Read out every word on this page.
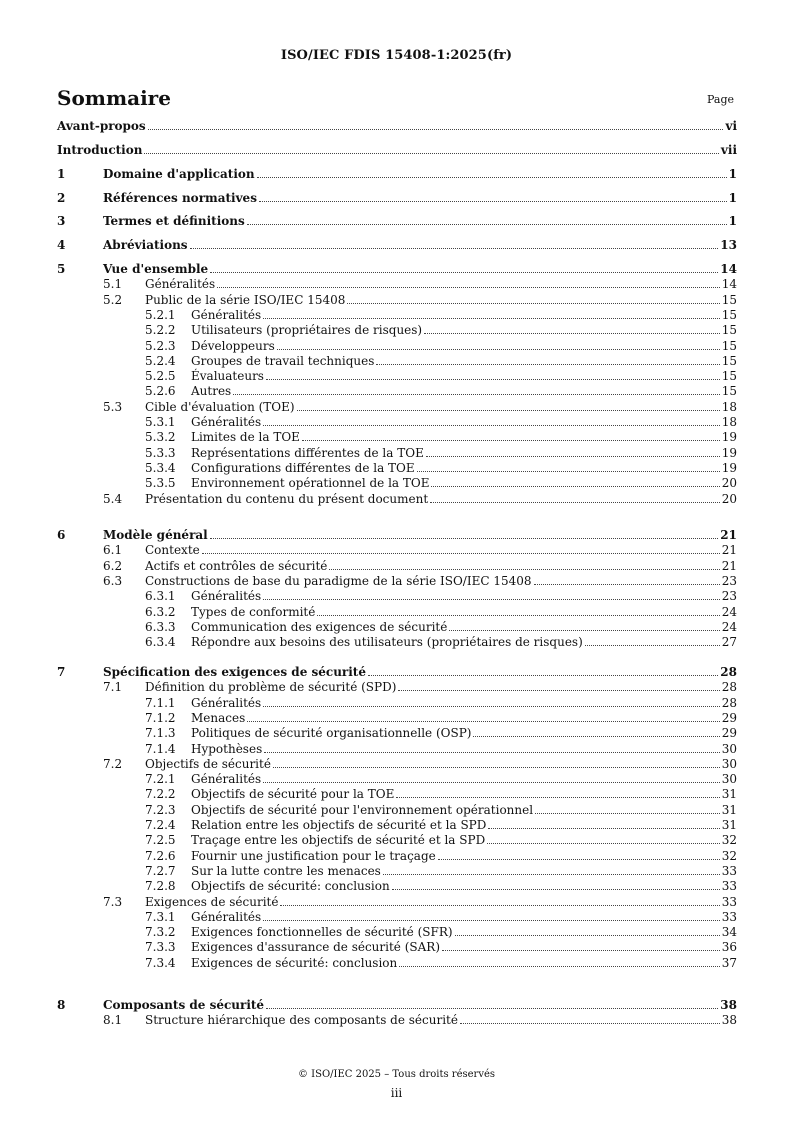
ISO/IEC FDIS 15408-1:2025(fr)
Sommaire	Page
Avant-propos	vi
Introduction	vii
1	Domaine d'application	1
2	Références normatives	1
3	Termes et définitions	1
4	Abréviations	13
5	Vue d'ensemble	14
5.1	Généralités	14
5.2	Public de la série ISO/IEC 15408	15
5.2.1	Généralités	15
5.2.2	Utilisateurs (propriétaires de risques)	15
5.2.3	Développeurs	15
5.2.4	Groupes de travail techniques	15
5.2.5	Évaluateurs	15
5.2.6	Autres	15
5.3	Cible d'évaluation (TOE)	18
5.3.1	Généralités	18
5.3.2	Limites de la TOE	19
5.3.3	Représentations différentes de la TOE	19
5.3.4	Configurations différentes de la TOE	19
5.3.5	Environnement opérationnel de la TOE	20
5.4	Présentation du contenu du présent document	20
6	Modèle général	21
6.1	Contexte	21
6.2	Actifs et contrôles de sécurité	21
6.3	Constructions de base du paradigme de la série ISO/IEC 15408	23
6.3.1	Généralités	23
6.3.2	Types de conformité	24
6.3.3	Communication des exigences de sécurité	24
6.3.4	Répondre aux besoins des utilisateurs (propriétaires de risques)	27
7	Spécification des exigences de sécurité	28
7.1	Définition du problème de sécurité (SPD)	28
7.1.1	Généralités	28
7.1.2	Menaces	29
7.1.3	Politiques de sécurité organisationnelle (OSP)	29
7.1.4	Hypothèses	30
7.2	Objectifs de sécurité	30
7.2.1	Généralités	30
7.2.2	Objectifs de sécurité pour la TOE	31
7.2.3	Objectifs de sécurité pour l'environnement opérationnel	31
7.2.4	Relation entre les objectifs de sécurité et la SPD	31
7.2.5	Traçage entre les objectifs de sécurité et la SPD	32
7.2.6	Fournir une justification pour le traçage	32
7.2.7	Sur la lutte contre les menaces	33
7.2.8	Objectifs de sécurité: conclusion	33
7.3	Exigences de sécurité	33
7.3.1	Généralités	33
7.3.2	Exigences fonctionnelles de sécurité (SFR)	34
7.3.3	Exigences d'assurance de sécurité (SAR)	36
7.3.4	Exigences de sécurité: conclusion	37
8	Composants de sécurité	38
8.1	Structure hiérarchique des composants de sécurité	38
© ISO/IEC 2025 – Tous droits réservés
iii
